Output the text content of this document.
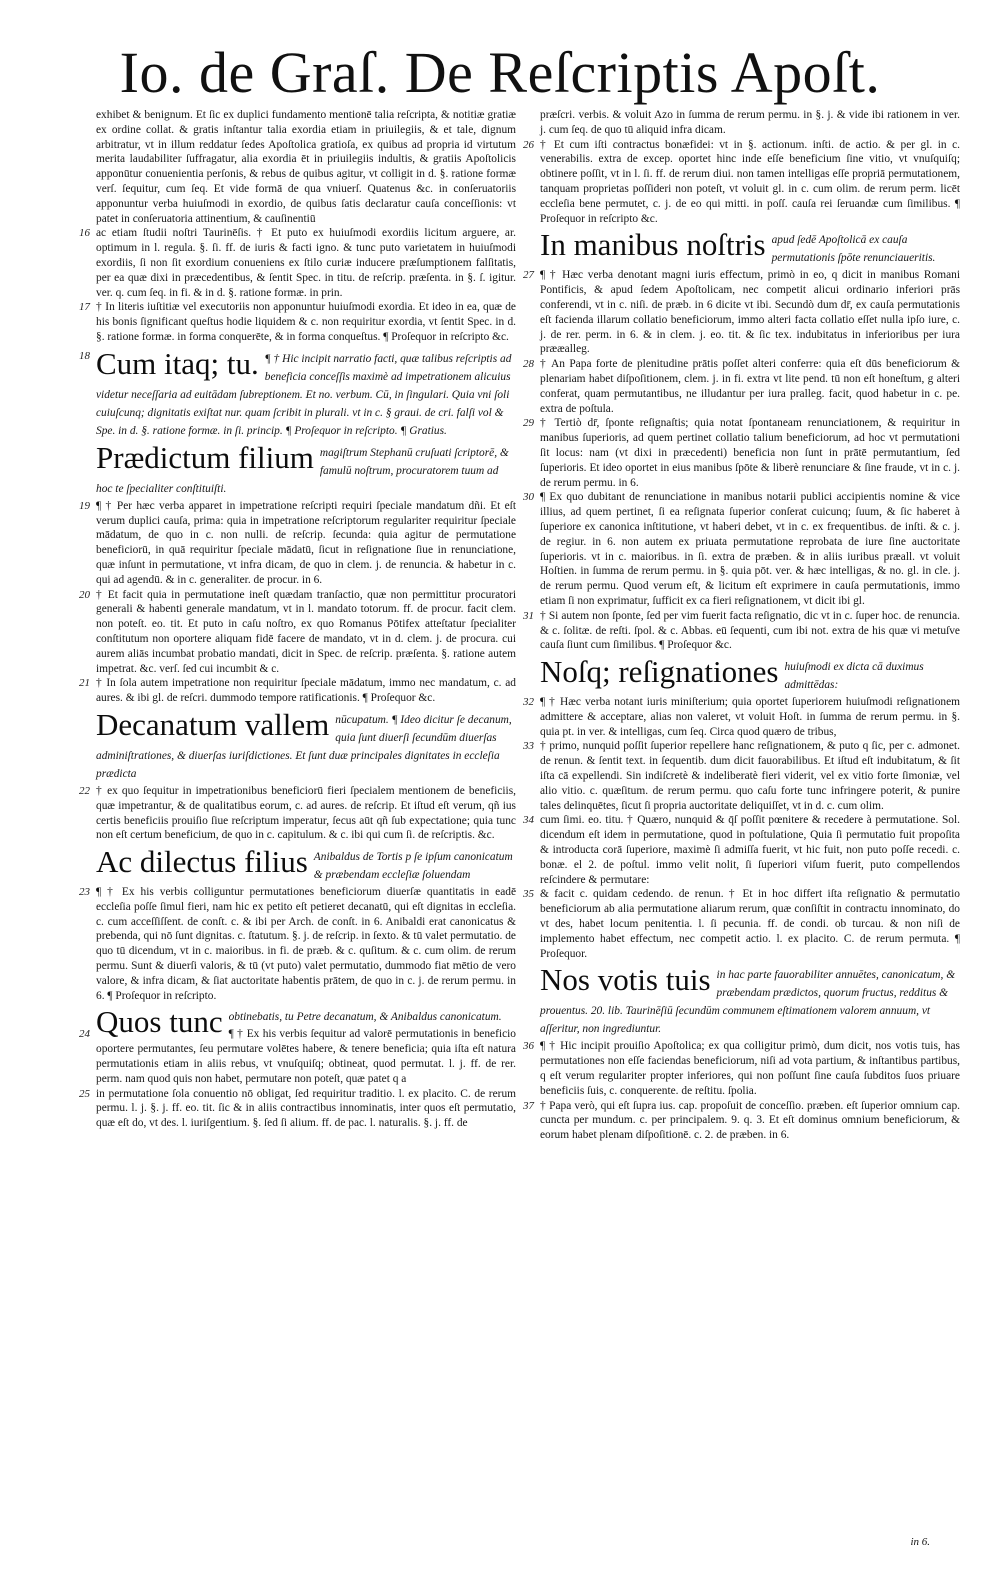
Io. de Graſ. De Reſcriptis Apoſt.

exhibet & benignum. Et ſic ex duplici fundamento mentionē talia reſcripta, & notitiæ gratiæ ex ordine collat. & gratis inſtantur talia exordia etiam in priuilegiis, & et tale, dignum arbitratur, vt in illum reddatur ſedes Apoſtolica gratioſa, ex quibus ad propria id virtutum merita laudabiliter ſuffragatur, alia exordia ēt in priuilegiis indultis, & gratiis Apoſtolicis apponūtur conuenientia perſonis, & rebus de quibus agitur, vt colligit in d. §. ratione formæ verſ. ſequitur, cum ſeq. Et vide formā de qua vniuerſ. Quatenus &c. in conſeruatoriis apponuntur verba huiuſmodi in exordio, de quibus ſatis declaratur cauſa conceſſionis: vt patet in conſeruatoria attinentium, & cauſinentiū

16 ac etiam ſtudii noſtri Taurinēſis. † Et puto ex huiuſmodi exordiis licitum arguere, ar. optimum in l. regula. §. ſi. ff. de iuris & facti igno. & tunc puto varietatem in huiuſmodi exordiis, ſi non ſit exordium conueniens ex ſtilo curiæ inducere præſumptionem falſitatis, per ea quæ dixi in præcedentibus, & ſentit Spec. in titu. de reſcrip. præſenta. in §. ſ. igitur. ver. q. cum ſeq. in fi. & in d. §. ratione formæ. in prin.

17 † In literis iuſtitiæ vel executoriis non apponuntur huiuſmodi exordia. Et ideo in ea, quæ de his bonis ſignificant queſtus hodie liquidem & c. non requiritur exordia, vt ſentit Spec. in d. §. ratione formæ. in forma conquerēte, & in forma conqueſtus. ¶ Proſequor in reſcripto &c.

18 Cum itaq; tu. ¶ † Hic incipit narratio facti, quæ talibus reſcriptis ad beneficia conceſſis maximè ad impetrationem alicuius videtur neceſſaria ad euitādam ſubreptionem. Et no. verbum. Cū, in ſingulari. Quia vni ſoli cuiuſcunq; dignitatis exiſtat nur. quam ſcribit in plurali. vt in c. § graui. de cri. falſi vol & Spe. in d. §. ratione formæ. in ſi. princip. ¶ Proſequor in reſcripto. ¶ Gratius.
Prædictum filium magiſtrum Stephanū cruſuati ſcriptorē, & famulū noſtrum, procuratorem tuum ad hoc te ſpecialiter conſtituiſti.
19 ¶ † Per hæc verba apparet in impetratione reſcripti requiri ſpeciale mandatum dñi. Et eſt verum duplici cauſa, prima: quia in impetratione reſcriptorum regulariter requiritur ſpeciale mādatum, de quo in c. non nulli. de reſcrip. ſecunda: quia agitur de permutatione beneficiorū, in quā requiritur ſpeciale mādatū, ſicut in reſignatione ſiue in renunciatione, quæ inſunt in permutatione, vt infra dicam, de quo in clem. j. de renuncia. & habetur in c. qui ad agendū. & in c. generaliter. de procur. in 6.

20 † Et facit quia in permutatione ineſt quædam tranſactio, quæ non permittitur procuratori generali & habenti generale mandatum, vt in l. mandato totorum. ff. de procur. facit clem. non poteſt. eo. tit. Et puto in caſu noſtro, ex quo Romanus Pōtifex atteſtatur ſpecialiter conſtitutum non oportere aliquam fidē facere de mandato, vt in d. clem. j. de procura. cui aurem aliās incumbat probatio mandati, dicit in Spec. de reſcrip. præſenta. §. ratione autem impetrat. &c. verſ. ſed cui incumbit & c.

21 † In ſola autem impetratione non requiritur ſpeciale mādatum, immo nec mandatum, c. ad aures. & ibi gl. de reſcri. dummodo tempore ratificationis. ¶ Proſequor &c.

Decanatum vallem nūcupatum. ¶ Ideo dicitur ſe decanum, quia ſunt diuerſi ſecundūm diuerſas adminiſtrationes, & diuerſas iuriſdictiones. Et ſunt duæ principales dignitates in eccleſia prædicta
22 † ex quo ſequitur in impetrationibus beneficiorū fieri ſpecialem mentionem de beneficiis, quæ impetrantur, & de qualitatibus eorum, c. ad aures. de reſcrip. Et iſtud eſt verum, qñ ius certis beneficiis prouiſio ſiue reſcriptum imperatur, ſecus aūt qñ ſub expectatione; quia tunc non eſt certum beneficium, de quo in c. capitulum. & c. ibi qui cum ſi. de reſcriptis. &c.

Ac dilectus filius Anibaldus de Tortis p ſe ipſum canonicatum & præbendam eccleſiæ ſoluendam
23 ¶ † Ex his verbis colliguntur permutationes beneficiorum diuerſæ quantitatis in eadē eccleſia poſſe ſimul fieri, nam hic ex petito eſt petieret decanatū, qui eſt dignitas in eccleſia. c. cum acceſſiſſent. de conſt. c. & ibi per Arch. de conſt. in 6. Anibaldi erat canonicatus & prebenda, qui nō ſunt dignitas. c. ſtatutum. §. j. de reſcrip. in ſexto. & tū valet permutatio. de quo tū dicendum, vt in c. maioribus. in fi. de præb. & c. quſitum. & c. cum olim. de rerum permu. Sunt & diuerſi valoris, & tū (vt puto) valet permutatio, dummodo fiat mētio de vero valore, & infra dicam, & ſiat auctoritate habentis prātem, de quo in c. j. de rerum permu. in 6. ¶ Proſequor in reſcripto.

Quos tunc obtinebatis, tu Petre decanatum, & Anibaldus canonicatum.
24	¶ † Ex his verbis ſequitur ad valorē permutationis in beneficio oportere permutantes, ſeu permutare volētes habere, & tenere beneficia; quia iſta eſt natura permutationis etiam in aliis rebus, vt vnuſquiſq; obtineat, quod permutat. l. j. ff. de rer. perm. nam quod quis non habet, permutare non poteſt, quæ patet q a

25 in permutatione ſola conuentio nō obligat, ſed requiritur traditio. l. ex placito. C. de rerum permu. l. j. §. j. ff. eo. tit. ſic & in aliis contractibus innominatis, inter quos eſt permutatio, quæ eſt do, vt des. l. iuriſgentium. §. ſed ſi alium. ff. de pac. l. naturalis. §. j. ff. de

præſcri. verbis. & voluit Azo in ſumma de rerum permu. in §. j. & vide ibi rationem in ver. j. cum ſeq. de quo tū aliquid infra dicam.

26 † Et cum iſti contractus bonæfidei: vt in §. actionum. inſti. de actio. & per gl. in c. venerabilis. extra de excep. oportet hinc inde eſſe beneficium ſine vitio, vt vnuſquiſq; obtinere poſſit, vt in l. ſi. ff. de rerum diui. non tamen intelligas eſſe propriā permutationem, tanquam proprietas poſſideri non poteſt, vt voluit gl. in c. cum olim. de rerum perm. licēt eccleſia bene permutet, c. j. de eo qui mitti. in poſſ. cauſa rei ſeruandæ cum ſimilibus. ¶ Proſequor in reſcripto &c.

In manibus noſtris apud ſedē Apoſtolicā ex cauſa permutationis ſpōte renunciaueritis.
27 ¶ † Hæc verba denotant magni iuris effectum, primò in eo, q dicit in manibus Romani Pontificis, & apud ſedem Apoſtolicam, nec competit alicui ordinario inferiori prās conferendi, vt in c. niſi. de præb. in 6 dicite vt ibi. Secundò dum dr̄, ex cauſa permutationis eſt facienda illarum collatio beneficiorum, immo alteri facta collatio eſſet nulla ipſo iure, c. j. de rer. perm. in 6. & in clem. j. eo. tit. & ſic tex. indubitatus in inferioribus per iura prææalleg.

28 † An Papa forte de plenitudine prātis poſſet alteri conferre: quia eſt dūs beneficiorum & plenariam habet diſpoſitionem, clem. j. in fi. extra vt lite pend. tū non eſt honeſtum, g alteri conferat, quam permutantibus, ne illudantur per iura pralleg. facit, quod habetur in c. pe. extra de poſtula.

29 † Tertiò dr̄, ſponte reſignaſtis; quia notat ſpontaneam renunciationem, & requiritur in manibus ſuperioris, ad quem pertinet collatio talium beneficiorum, ad hoc vt permutationi ſit locus: nam (vt dixi in præcedenti) beneficia non ſunt in prātē permutantium, ſed ſuperioris. Et ideo oportet in eius manibus ſpōte & liberè renunciare & ſine fraude, vt in c. j. de rerum permu. in 6.

30 ¶ Ex quo dubitant de renunciatione in manibus notarii publici accipientis nomine & vice illius, ad quem pertinet, ſi ea reſignata ſuperior conſerat cuicunq; ſuum, & ſic haberet à ſuperiore ex canonica inſtitutione, vt haberi debet, vt in c. ex frequentibus. de inſti. & c. j. de regiur. in 6. non autem ex priuata permutatione reprobata de iure ſine auctoritate ſuperioris. vt in c. maioribus. in ſi. extra de præben. & in aliis iuribus præall. vt voluit Hoſtien. in ſumma de rerum permu. in §. quia pōt. ver. & hæc intelligas, & no. gl. in cle. j. de rerum permu. Quod verum eſt, & licitum eſt exprimere in cauſa permutationis, immo etiam ſi non exprimatur, ſufficit ex ca fieri reſignationem, vt dicit ibi gl.

31 † Si autem non ſponte, ſed per vim fuerit facta reſignatio, dic vt in c. ſuper hoc. de renuncia. & c. ſolitæ. de reſti. ſpol. & c. Abbas. eū ſequenti, cum ibi not. extra de his quæ vi metuſve cauſa ſiunt cum ſimilibus. ¶ Proſequor &c.

Noſq; reſignationes huiuſmodi ex dicta cā duximus admittēdas:
32 ¶ † Hæc verba notant iuris miniſterium; quia oportet ſuperiorem huiuſmodi reſignationem admittere & acceptare, alias non valeret, vt voluit Hoſt. in ſumma de rerum permu. in §. quia pt. in ver. & intelligas, cum ſeq. Circa quod quæro de tribus,

33 † primo, nunquid poſſit ſuperior repellere hanc reſignationem, & puto q ſic, per c. admonet. de renun. & ſentit text. in ſequentib. dum dicit fauorabilibus. Et iſtud eſt indubitatum, & ſit iſta cā expellendi. Sin indiſcretè & indeliberatè fieri viderit, vel ex vitio forte ſimoniæ, vel alio vitio. c. quæſitum. de rerum permu. quo caſu forte tunc infringere poterit, & punire tales delinquētes, ſicut ſi propria auctoritate deliquiſſet, vt in d. c. cum olim.

34 cum ſimi. eo. titu. † Quæro, nunquid & q̄ſ poſſit pœnitere & recedere à permutatione. Sol. dicendum eſt idem in permutatione, quod in poſtulatione, Quia ſi permutatio fuit propoſita & introducta corā ſuperiore, maximè ſi admiſſa fuerit, vt hic fuit, non puto poſſe recedi. c. bonæ. el 2. de poſtul. immo velit nolit, ſi ſuperiori viſum fuerit, puto compellendos reſcindere & permutare:

35 & facit c. quidam cedendo. de renun. † Et in hoc differt iſta reſignatio & permutatio beneficiorum ab alia permutatione aliarum rerum, quæ conſiſtit in contractu innominato, do vt des, habet locum penitentia. l. ſi pecunia. ff. de condi. ob turcau. & non niſi de implemento habet effectum, nec competit actio. l. ex placito. C. de rerum permuta. ¶ Proſequor.

Nos votis tuis in hac parte fauorabiliter annuētes, canonicatum, & præbendam prædictos, quorum fructus, redditus & prouentus. 20. lib. Taurinēſiū ſecundūm communem eſtimationem valorem annuum, vt aſſeritur, non ingrediuntur.
36 ¶ † Hic incipit prouiſio Apoſtolica; ex qua colligitur primò, dum dicit, nos votis tuis, has permutationes non eſſe faciendas beneficiorum, niſi ad vota partium, & inſtantibus partibus, q eſt verum regulariter propter inferiores, qui non poſſunt ſine cauſa ſubditos ſuos priuare beneficiis ſuis, c. conquerente. de reſtitu. ſpolia.

37 † Papa verò, qui eſt ſupra ius. cap. propoſuit de conceſſio. præben. eſt ſuperior omnium cap. cuncta per mundum. c. per principalem. 9. q. 3. Et eſt dominus omnium beneficiorum, & eorum habet plenam diſpoſitionē. c. 2. de præben. in 6.

in 6.
